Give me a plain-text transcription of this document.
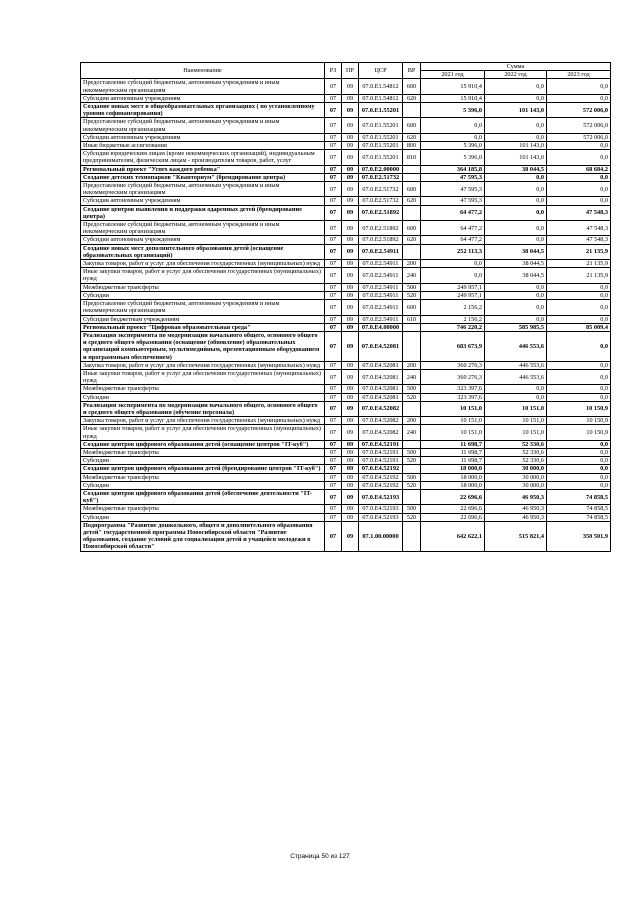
Наименование	РЗ	ПР	ЦСР	ВР	Сумма		
					2021 год	2022 год	2023 год
Предоставление субсидий бюджетным, автономным учреждениям и иным некоммерческим организациям	07	09	07.0.E1.54812	600	15 910,4	0,0	0,0
Субсидии автономным учреждениям	07	09	07.0.E1.54812	620	15 910,4	0,0	0,0
Создание новых мест в общеобразовательных организациях ( по установленному уровню софинансирования)	07	09	07.0.E1.55201		5 396,0	101 143,0	572 006,0
Предоставление субсидий бюджетным, автономным учреждениям и иным некоммерческим организациям	07	09	07.0.E1.55201	600	0,0	0,0	572 006,0
Субсидии автономным учреждениям	07	09	07.0.E1.55201	620	0,0	0,0	572 006,0
Иные бюджетные ассигнования	07	09	07.0.E1.55201	800	5 396,0	101 143,0	0,0
Субсидии юридическим лицам (кроме некоммерческих организаций), индивидуальным предпринимателям, физическим лицам - производителям товаров, работ, услуг	07	09	07.0.E1.55201	810	5 396,0	101 143,0	0,0
Региональный проект "Успех каждого ребенка"	07	09	07.0.E2.00000		364 185,8	38 044,5	68 684,2
Создание детских технопарков "Кванториум" (брендирование центра)	07	09	07.0.E2.51732		47 595,3	0,0	0,0
Предоставление субсидий бюджетным, автономным учреждениям и иным некоммерческим организациям	07	09	07.0.E2.51732	600	47 595,3	0,0	0,0
Субсидии автономным учреждениям	07	09	07.0.E2.51732	620	47 595,3	0,0	0,0
Создание центров выявления и поддержки одаренных детей (брендирование центра)	07	09	07.0.E2.51892		64 477,2	0,0	47 548,3
Предоставление субсидий бюджетным, автономным учреждениям и иным некоммерческим организациям	07	09	07.0.E2.51892	600	64 477,2	0,0	47 548,3
Субсидии автономным учреждениям	07	09	07.0.E2.51892	620	64 477,2	0,0	47 548,3
Создание новых мест дополнительного образования детей (оснащение образовательных организаций)	07	09	07.0.E2.54911		252 113,3	38 044,5	21 135,9
Закупка товаров, работ и услуг для обеспечения государственных (муниципальных) нужд	07	09	07.0.E2.54911	200	0,0	38 044,5	21 135,9
Иные закупки товаров, работ и услуг для обеспечения государственных (муниципальных) нужд	07	09	07.0.E2.54911	240	0,0	38 044,5	21 135,9
Межбюджетные трансферты	07	09	07.0.E2.54911	500	249 957,1	0,0	0,0
Субсидии	07	09	07.0.E2.54911	520	249 957,1	0,0	0,0
Предоставление субсидий бюджетным, автономным учреждениям и иным некоммерческим организациям	07	09	07.0.E2.54911	600	2 156,2	0,0	0,0
Субсидии бюджетным учреждениям	07	09	07.0.E2.54911	610	2 156,2	0,0	0,0
Региональный проект "Цифровая образовательная среда"	07	09	07.0.E4.00000		746 220,2	585 985,5	85 009,4
Реализация эксперимента по модернизации начального общего, основного общего и среднего общего образования (оснащение (обновление) образовательных организаций компьютерным, мультимедийным, презентационным оборудованием и программным обеспечением)	07	09	07.0.E4.52081		683 673,9	446 553,6	0,0
Закупка товаров, работ и услуг для обеспечения государственных (муниципальных) нужд	07	09	07.0.E4.52081	200	360 276,3	446 553,6	0,0
Иные закупки товаров, работ и услуг для обеспечения государственных (муниципальных) нужд	07	09	07.0.E4.52081	240	360 276,3	446 553,6	0,0
Межбюджетные трансферты	07	09	07.0.E4.52081	500	323 397,6	0,0	0,0
Субсидии	07	09	07.0.E4.52081	520	323 397,6	0,0	0,0
Реализация эксперимента по модернизации начального общего, основного общего и среднего общего образования (обучение персонала)	07	09	07.0.E4.52082		10 151,0	10 151,0	10 150,9
Закупка товаров, работ и услуг для обеспечения государственных (муниципальных) нужд	07	09	07.0.E4.52082	200	10 151,0	10 151,0	10 150,9
Иные закупки товаров, работ и услуг для обеспечения государственных (муниципальных) нужд	07	09	07.0.E4.52082	240	10 151,0	10 151,0	10 150,9
Создание центров цифрового образования детей (оснащение центров "IT-куб")	07	09	07.0.E4.52191		11 698,7	52 330,6	0,0
Межбюджетные трансферты	07	09	07.0.E4.52191	500	11 698,7	52 330,6	0,0
Субсидии	07	09	07.0.E4.52191	520	11 698,7	52 330,6	0,0
Создание центров цифрового образования детей (брендирование центров "IT-куб")	07	09	07.0.E4.52192		18 000,0	30 000,0	0,0
Межбюджетные трансферты	07	09	07.0.E4.52192	500	18 000,0	30 000,0	0,0
Субсидии	07	09	07.0.E4.52192	520	18 000,0	30 000,0	0,0
Создание центров цифрового образования детей (обеспечение деятельности "IT-куб")	07	09	07.0.E4.52193		22 696,6	46 950,3	74 858,5
Межбюджетные трансферты	07	09	07.0.E4.52193	500	22 696,6	46 950,3	74 858,5
Субсидии	07	09	07.0.E4.52193	520	22 696,6	46 950,3	74 858,5
Подпрограмма "Развитие дошкольного, общего и дополнительного образования детей" государственной программы Новосибирской области "Развитие образования, создание условий для социализации детей и учащейся молодежи в Новосибирской области"	07	09	07.1.00.00000		642 622,1	515 821,4	350 501,9
Страница 50 из 127
